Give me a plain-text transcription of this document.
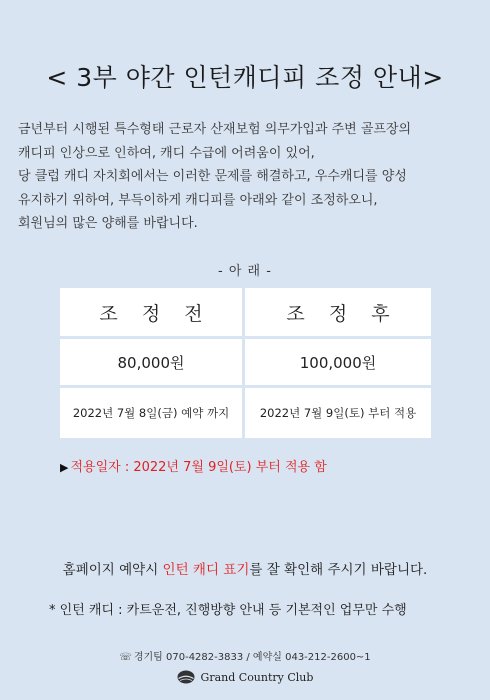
< 3부 야간 인턴캐디피 조정 안내>
금년부터 시행된 특수형태 근로자 산재보험 의무가입과 주변 골프장의
캐디피 인상으로 인하여, 캐디 수급에 어려움이 있어,
당 클럽 캐디 자치회에서는 이러한 문제를 해결하고, 우수캐디를 양성
유지하기 위하여, 부득이하게 캐디피를 아래와 같이 조정하오니,
회원님의 많은 양해를 바랍니다.
- 아 래 -
조 정 전	조 정 후
80,000원	100,000원
2022년 7월 8일(금) 예약 까지	2022년 7월 9일(토) 부터 적용
▶ 적용일자 : 2022년 7월 9일(토) 부터 적용 함
홈페이지 예약시 인턴 캐디 표기를 잘 확인해 주시기 바랍니다.
* 인턴 캐디 : 카트운전, 진행방향 안내 등 기본적인 업무만 수행
☏ 경기팀 070-4282-3833 / 예약실 043-212-2600~1
Grand Country Club
